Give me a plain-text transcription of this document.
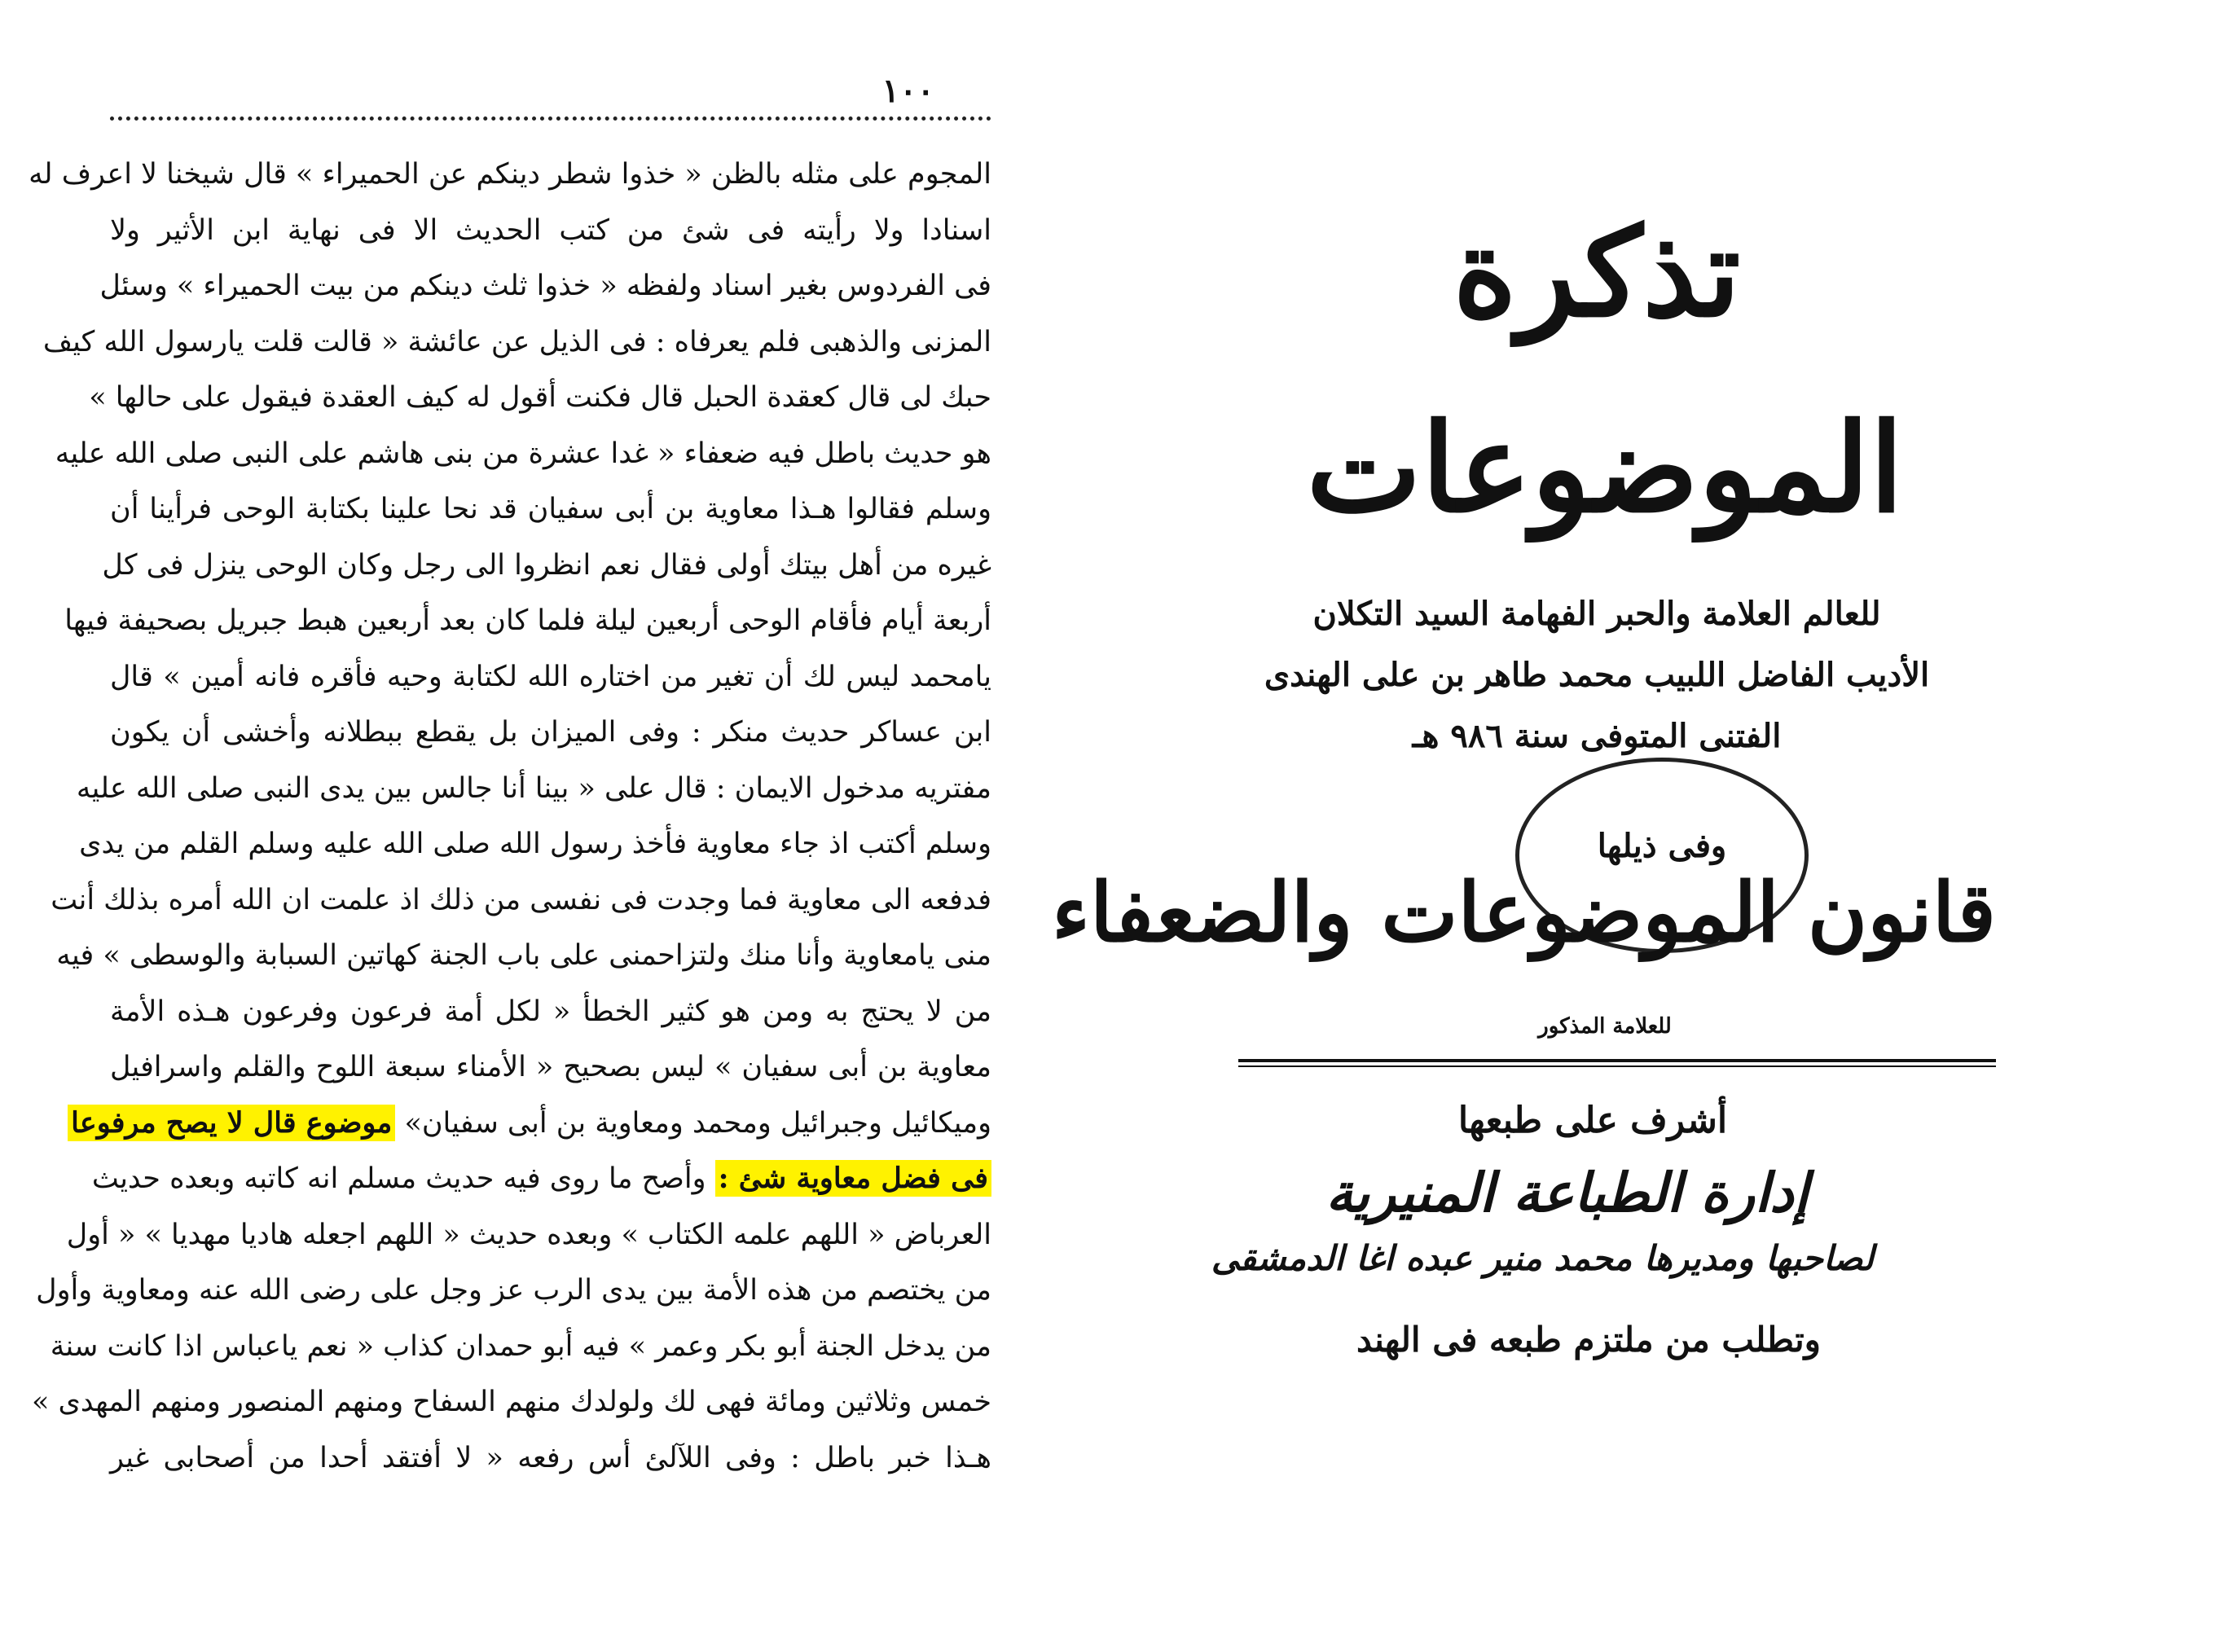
١٠٠
المجوم على مثله بالظن « خذوا شطر دينكم عن الحميراء » قال شيخنا لا اعرف له
اسنادا ولا رأيته فى شئ من كتب الحديث الا فى نهاية ابن الأثير ولا
فى الفردوس بغير اسناد ولفظه « خذوا ثلث دينكم من بيت الحميراء » وسئل
المزنى والذهبى فلم يعرفاه : فى الذيل عن عائشة « قالت قلت يارسول الله كيف
حبك لى قال كعقدة الحبل قال فكنت أقول له كيف العقدة فيقول على حالها »
هو حديث باطل فيه ضعفاء « غدا عشرة من بنى هاشم على النبى صلى الله عليه
وسلم فقالوا هـذا معاوية بن أبى سفيان قد نحا علينا بكتابة الوحى فرأينا أن
غيره من أهل بيتك أولى فقال نعم انظروا الى رجل وكان الوحى ينزل فى كل
أربعة أيام فأقام الوحى أربعين ليلة فلما كان بعد أربعين هبط جبريل بصحيفة فيها
يامحمد ليس لك أن تغير من اختاره الله لكتابة وحيه فأقره فانه أمين » قال
ابن عساكر حديث منكر : وفى الميزان بل يقطع ببطلانه وأخشى أن يكون
مفتريه مدخول الايمان : قال على « بينا أنا جالس بين يدى النبى صلى الله عليه
وسلم أكتب اذ جاء معاوية فأخذ رسول الله صلى الله عليه وسلم القلم من يدى
فدفعه الى معاوية فما وجدت فى نفسى من ذلك اذ علمت ان الله أمره بذلك أنت
منى يامعاوية وأنا منك ولتزاحمنى على باب الجنة كهاتين السبابة والوسطى » فيه
من لا يحتج به ومن هو كثير الخطأ « لكل أمة فرعون وفرعون هـذه الأمة
معاوية بن أبى سفيان » ليس بصحيح « الأمناء سبعة اللوح والقلم واسرافيل
وميكائيل وجبرائيل ومحمد ومعاوية بن أبى سفيان» موضوع قال لا يصح مرفوعا
فى فضل معاوية شئ : وأصح ما روى فيه حديث مسلم انه كاتبه وبعده حديث
العرباض « اللهم علمه الكتاب » وبعده حديث « اللهم اجعله هاديا مهديا » « أول
من يختصم من هذه الأمة بين يدى الرب عز وجل على رضى الله عنه ومعاوية وأول
من يدخل الجنة أبو بكر وعمر » فيه أبو حمدان كذاب « نعم ياعباس اذا كانت سنة
خمس وثلاثين ومائة فهى لك ولولدك منهم السفاح ومنهم المنصور ومنهم المهدى »
هـذا خبر باطل : وفى اللآلئ أس رفعه « لا أفتقد أحدا من أصحابى غير
تذكرة
الموضوعات
للعالم العلامة والحبر الفهامة السيد التكلان
الأديب الفاضل اللبيب محمد طاهر بن على الهندى
الفتنى المتوفى سنة ٩٨٦ هـ
وفى ذيلها
قانون الموضوعات والضعفاء
للعلامة المذكور
أشرف على طبعها
إدارة الطباعة المنيرية
لصاحبها ومديرها محمد منير عبده اغا الدمشقى
وتطلب من ملتزم طبعه فى الهند
